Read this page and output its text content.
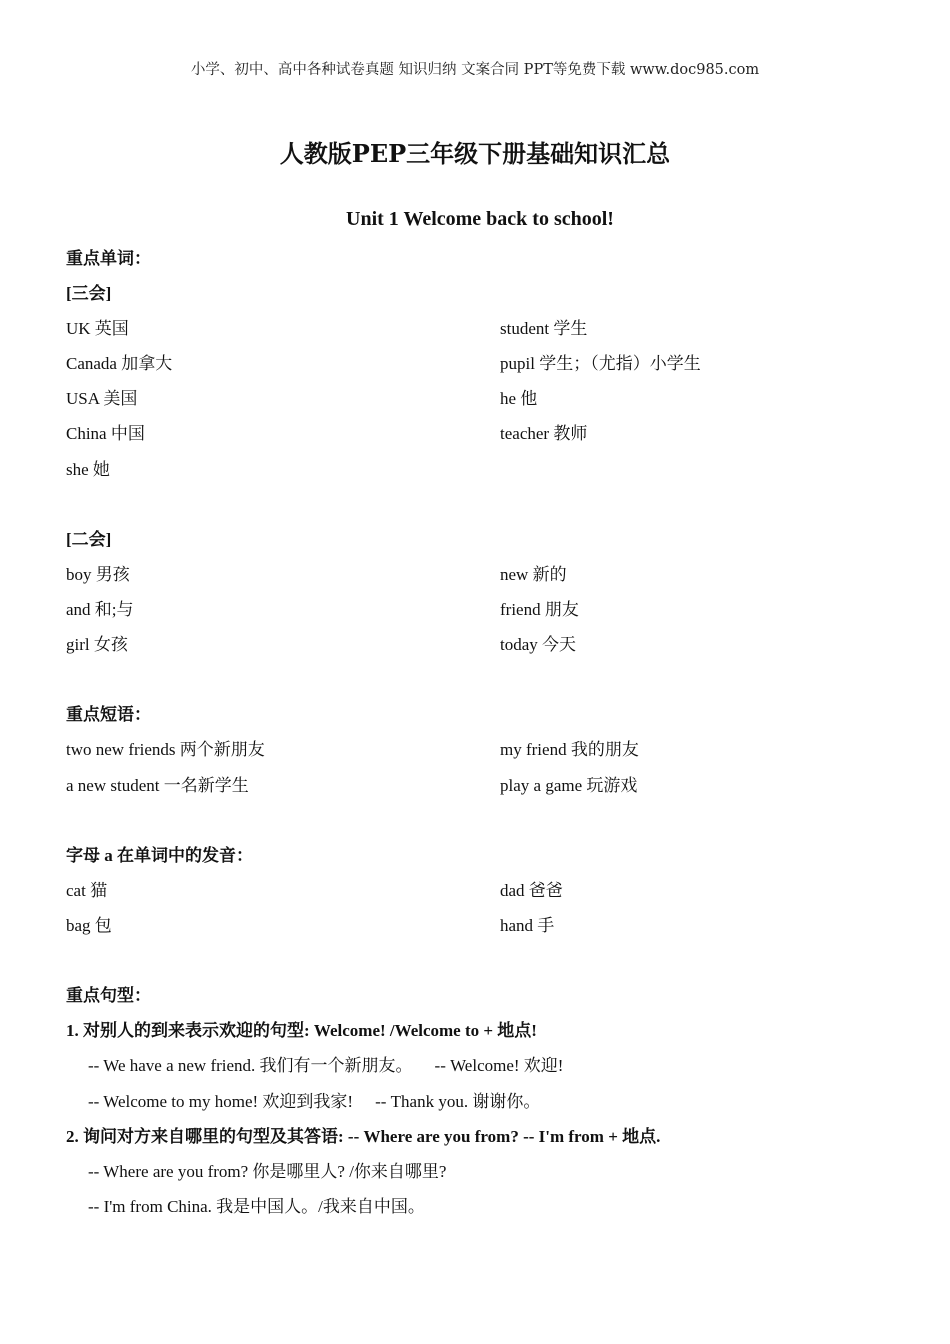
小学、初中、高中各种试卷真题 知识归纳 文案合同 PPT等免费下载 www.doc985.com
人教版PEP三年级下册基础知识汇总
Unit 1 Welcome back to school!
重点单词：
[三会]
UK 英国
Canada 加拿大
USA 美国
China 中国
she 她
student 学生
pupil 学生；（尤指）小学生
he 他
teacher 教师
[二会]
boy 男孩
and 和;与
girl 女孩
new 新的
friend 朋友
today 今天
重点短语：
two new friends 两个新朋友
a new student 一名新学生
my friend 我的朋友
play a game 玩游戏
字母 a 在单词中的发音：
cat 猫
bag 包
dad 爸爸
hand 手
重点句型：
1. 对别人的到来表示欢迎的句型: Welcome! /Welcome to + 地点!
-- We have a new friend. 我们有一个新朋友。 -- Welcome! 欢迎!
-- Welcome to my home! 欢迎到我家! -- Thank you. 谢谢你。
2. 询问对方来自哪里的句型及其答语: -- Where are you from? -- I'm from + 地点.
-- Where are you from? 你是哪里人? /你来自哪里?
-- I'm from China. 我是中国人。/我来自中国。
